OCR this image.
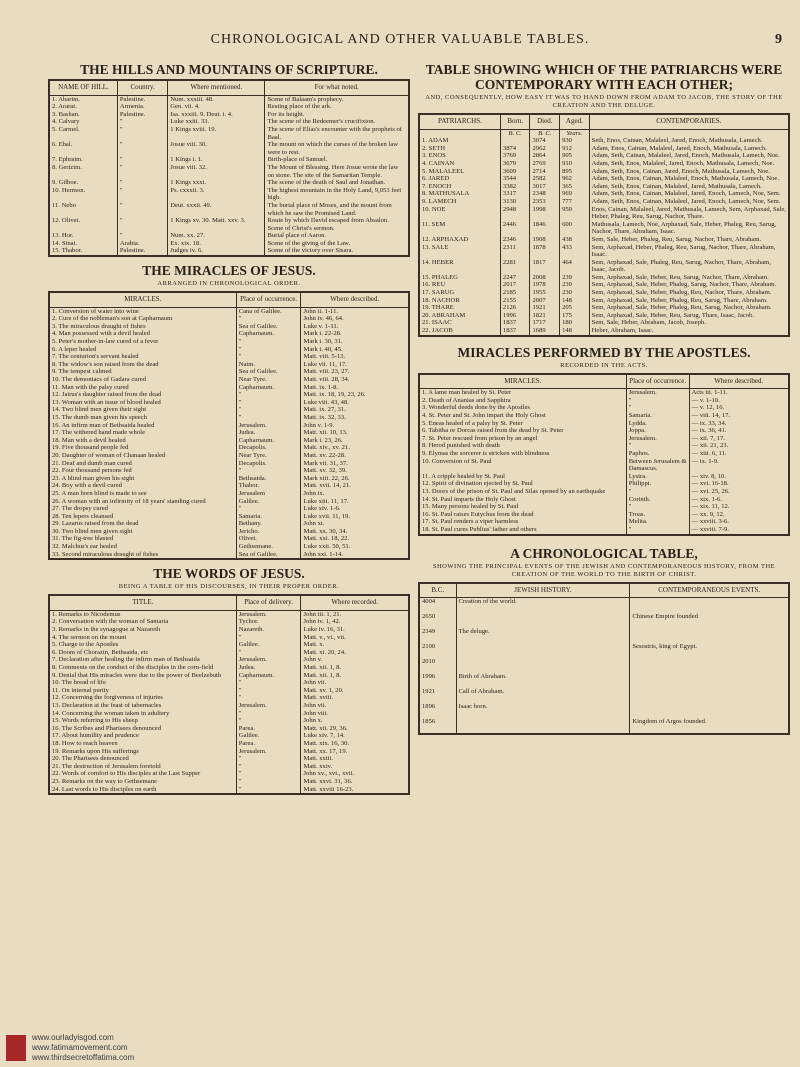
CHRONOLOGICAL AND OTHER VALUABLE TABLES.	9
THE HILLS AND MOUNTAINS OF SCRIPTURE.
NAME OF HILL.	Country.	Where mentioned.	For what noted.
1. Abarim.	Palestine.	Num. xxxiii. 48.	Scene of Balaam's prophecy.
2. Ararat.	Armenia.	Gen. vii. 4.	Resting place of the ark.
3. Bashan.	Palestine.	Isa. xxxiii. 9. Deut. i. 4.	For its height.
4. Calvary	"	Luke xxiii. 33.	The scene of the Redeemer's crucifixion.
5. Carmel.	"	1 Kings xviii. 19.	The scene of Elias's encounter with the prophets of Baal.
6. Ebal.	"	Josue viii. 30.	The mount on which the curses of the broken law were to rest.
7. Ephraim.	"	1 Kings i. 1.	Birth-place of Samuel.
8. Gerizim.	"	Josue viii. 32.	The Mount of Blessing. Here Josue wrote the law on stone. The site of the Samaritan Temple.
9. Gilboe.	"	1 Kings xxxi.	The scene of the death of Saul and Jonathan.
10. Hermon.	"	Ps. cxxxii. 3.	The highest mountain in the Holy Land, 9,053 feet high.
11. Nebo	"	Deut. xxxii. 49.	The burial place of Moses, and the mount from which he saw the Promised Land.
12. Olivet.	"	1 Kings xv. 30. Matt. xxv. 3.	Route by which David escaped from Absalon. Scene of Christ's sermon.
13. Hor.	"	Num. xx. 27.	Burial place of Aaron.
14. Sinai.	Arabia.	Ex. xix. 18.	Scene of the giving of the Law.
15. Thabor.	Palestine.	Judges iv. 6.	Scene of the victory over Sisara.
THE MIRACLES OF JESUS.
ARRANGED IN CHRONOLOGICAL ORDER.
MIRACLES.	Place of occurrence.	Where described.
1. Conversion of water into wine	Cana of Galilee.	John ii. 1-11.
2. Cure of the nobleman's son at Capharnaum	"	John iv. 46, 64.
3. The miraculous draught of fishes	Sea of Galilee.	Luke v. 1-11.
4. Man possessed with a devil healed	Capharnaum.	Mark i. 22-28.
5. Peter's mother-in-law cured of a fever	"	Mark i. 30, 31.
6. A leper healed	"	Mark i. 40, 45.
7. The centurion's servant healed	"	Matt. viii. 5-13.
8. The widow's son raised from the dead	Naim.	Luke vii. 11, 17.
9. The tempest calmed	Sea of Galilee.	Matt. viii. 23, 27.
10. The demoniacs of Gadara cured	Near Tyre.	Matt. viii. 28, 34.
11. Man with the palsy cured	Capharnaum.	Matt. ix. 1-8.
12. Jairus's daughter raised from the dead	"	Matt. ix. 18, 19, 23, 26.
13. Woman with an issue of blood healed	"	Luke viii. 43, 48.
14. Two blind men given their sight	"	Matt. ix. 27, 31.
15. The dumb man given his speech	"	Matt. ix. 32, 33.
16. An infirm man of Bethsaida healed	Jerusalem.	John v. 1-9.
17. The withered hand made whole	Judea.	Matt. xii. 10, 13.
18. Man with a devil healed	Capharnaum.	Mark i. 23, 26.
19. Five thousand people fed	Decapolis.	Matt. xiv., xv. 21.
20. Daughter of woman of Chanaan healed	Near Tyre.	Matt. xv. 22-28.
21. Deaf and dumb man cured	Decapolis.	Mark vii. 31, 37.
22. Four thousand persons fed	"	Matt. xv. 32, 39.
23. A blind man given his sight	Bethsaida.	Mark xiii. 22, 26.
24. Boy with a devil cured	Thabor.	Matt. xvii. 14, 21.
25. A man born blind is made to see	Jerusalem	John ix.
26. A woman with an infirmity of 18 years' standing cured	Galilee.	Luke xiii. 11, 17.
27. The dropsy cured	"	Luke xiv. 1-6.
28. Ten lepers cleansed	Samaria.	Luke xvii. 11, 19.
29. Lazarus raised from the dead	Bethany.	John xi.
30. Two blind men given sight	Jericho.	Matt. xx. 30, 34.
31. The fig-tree blasted	Olivet.	Matt. xxi. 18, 22.
32. Malchus's ear healed	Gethsemane.	Luke xxii. 50, 51.
33. Second miraculous draught of fishes	Sea of Galilee.	John xxi. 1-14.
THE WORDS OF JESUS.
BEING A TABLE OF HIS DISCOURSES, IN THEIR PROPER ORDER.
TITLE.	Place of delivery.	Where recorded.
1. Remarks to Nicodemus	Jerusalem.	John iii. 1, 21.
2. Conversation with the woman of Samaria	Tychor.	John iv. 1, 42.
3. Remarks in the synagogue at Nazareth	Nazareth.	Luke iv. 16, 31.
4. The sermon on the mount	"	Matt. v., vi., vii.
5. Charge to the Apostles	Galilee.	Matt. x.
6. Doom of Chorazin, Bethsaida, etc	"	Matt. xi. 20, 24.
7. Declaration after healing the infirm man of Bethsaida	Jerusalem.	John v.
8. Comments on the conduct of the disciples in the corn-field	Judea.	Matt. xii. 1, 8.
9. Denial that His miracles were due to the power of Beelzebuth	Capharnaum.	Matt. xii. 1, 8.
10. The bread of life	"	John vii.
11. On internal purity	"	Matt. xv. 1, 20.
12. Concerning the forgiveness of injuries	"	Matt. xviii.
13. Declaration at the feast of tabernacles	Jerusalem.	John vii.
14. Concerning the woman taken in adultery	"	John viii.
15. Words referring to His sheep	"	John x.
16. The Scribes and Pharisees denounced	Parea.	Matt. xii. 29, 36.
17. About humility and prudence	Galilee.	Luke xiv. 7, 14.
18. How to reach heaven	Parea.	Matt. xix. 16, 30.
19. Remarks upon His sufferings	Jerusalem.	Matt. xx. 17, 19.
20. The Pharisees denounced	"	Matt. xxiii.
21. The destruction of Jerusalem foretold	"	Matt. xxiv.
22. Words of comfort to His disciples at the Last Supper	"	John xv., xvi., xvii.
23. Remarks on the way to Gethsemane	"	Matt. xxvi. 31, 36.
24. Last words to His disciples on earth	"	Matt. xxviii 16-23.
TABLE SHOWING WHICH OF THE PATRIARCHS WERE CONTEMPORARY WITH EACH OTHER;
AND, CONSEQUENTLY, HOW EASY IT WAS TO HAND DOWN FROM ADAM TO JACOB, THE STORY OF THE CREATION AND THE DELUGE.
PATRIARCHS.	Born.	Died.	Aged.	CONTEMPORARIES.
	B. C.	B. C.	Years.	
1. ADAM		3074	930	Seth, Enos, Cainan, Malaleel, Jared, Enoch, Mathusala, Lamech.
2. SETH	3874	2962	912	Adam, Enos, Cainan, Malaleel, Jared, Enoch, Mathusala, Lamech.
3. ENOS	3769	2864	905	Adam, Seth, Cainan, Malaleel, Jared, Enoch, Mathusala, Lamech, Noe.
4. CAINAN	3679	2769	910	Adam, Seth, Enos, Malaleel, Jared, Enoch, Mathusala, Lamech, Noe.
5. MALALEEL	3609	2714	895	Adam, Seth, Enos, Cainan, Jared, Enoch, Mathusala, Lamech, Noe.
6. JARED	3544	2582	962	Adam, Seth, Enos, Cainan, Malaleel, Enoch, Mathusala, Lamech, Noe.
7. ENOCH	3382	3017	365	Adam, Seth, Enos, Cainan, Malaleel, Jared, Mathusala, Lamech.
8. MATHUSALA	3317	2348	969	Adam, Seth, Enos, Cainan, Malaleel, Jared, Enoch, Lamech, Noe, Sem.
9. LAMECH	3130	2353	777	Adam, Seth, Enos, Cainan, Malaleel, Jared, Enoch, Lamech, Noe, Sem.
10. NOE	2948	1998	950	Enos, Cainan, Malaleel, Jared, Mathusala, Lamech, Sem, Arphaxad, Sale, Heber, Phaleg, Reu, Sarug, Nachor, Thare.
11. SEM	2446	1846	600	Mathusala, Lamech, Noe, Arphaxad, Sale, Heber, Phaleg, Reu, Sarug, Nachor, Thare, Abraham, Isaac.
12. ARPHAXAD	2346	1908	438	Sem, Sale, Heber, Phaleg, Reu, Sarug, Nachor, Thare, Abraham.
13. SALE	2311	1878	433	Sem, Arphaxad, Heber, Phaleg, Reu, Sarug, Nachor, Thare, Abraham, Isaac.
14. HEBER	2281	1817	464	Sem, Arphaxad, Sale, Phaleg, Reu, Sarug, Nachor, Thare, Abraham, Isaac, Jacob.
15. PHALEG	2247	2008	239	Sem, Arphaxad, Sale, Heber, Reu, Sarug, Nachor, Thare, Abraham.
16. REU	2017	1978	239	Sem, Arphaxad, Sale, Heber, Phaleg, Sarug, Nachor, Thare, Abraham.
17. SARUG	2185	1955	230	Sem, Arphaxad, Sale, Heber, Phaleg, Reu, Nachor, Thare, Abraham.
18. NACHOR	2155	2007	148	Sem, Arphaxad, Sale, Heber, Phaleg, Reu, Sarug, Thare, Abraham.
19. THARE	2126	1921	205	Sem, Arphaxad, Sale, Heber, Phaleg, Reu, Sarug, Nachor, Abraham.
20. ABRAHAM	1996	1821	175	Sem, Arphaxad, Sale, Heber, Reu, Sarug, Thare, Isaac, Jacob.
21. ISAAC	1837	1717	180	Sem, Sale, Heber, Abraham, Jacob, Joseph.
22. JACOB	1837	1689	148	Heber, Abraham, Isaac.
MIRACLES PERFORMED BY THE APOSTLES.
RECORDED IN THE ACTS.
MIRACLES.	Place of occurrence.	Where described.
1. A lame man healed by St. Peter	Jerusalem.	Acts iii. 1-11.
2. Death of Ananias and Sapphira	"	— v. 1-10.
3. Wonderful deeds done by the Apostles	"	— v. 12, 16.
4. St. Peter and St. John impart the Holy Ghost	Samaria.	— viii. 14, 17.
5. Eneas healed of a palsy by St. Peter	Lydda.	— ix. 33, 34.
6. Tabitha or Dorcas raised from the dead by St. Peter	Joppa.	— ix. 36, 41.
7. St. Peter rescued from prison by an angel	Jerusalem.	— xii. 7, 17.
8. Herod punished with death	"	— xii. 21, 23.
9. Elymas the sorcerer is stricken with blindness	Paphos.	— xiii. 6, 11.
10. Conversion of St. Paul	Between Jerusalem & Damascus.	— ix. 1-9.
11. A cripple healed by St. Paul	Lystra.	— xiv. 8, 10.
12. Spirit of divination ejected by St. Paul	Philippi.	— xvi. 16-18.
13. Doors of the prison of St. Paul and Silas opened by an earthquake	"	— xvi. 25, 26.
14. St. Paul imparts the Holy Ghost	Corinth.	— xix. 1-6.
15. Many persons healed by St. Paul	"	— xix. 11, 12.
16. St. Paul raises Eutychus from the dead	Troas.	— xx. 9, 12.
17. St. Paul renders a viper harmless	Melita.	— xxviii. 3-6.
18. St. Paul cures Publius' father and others	"	— xxviii. 7-9.
A CHRONOLOGICAL TABLE,
SHOWING THE PRINCIPAL EVENTS OF THE JEWISH AND CONTEMPORANEOUS HISTORY, FROM THE CREATION OF THE WORLD TO THE BIRTH OF CHRIST.
B.C.	JEWISH HISTORY.	CONTEMPORANEOUS EVENTS.
4004	Creation of the world.	
2650		Chinese Empire founded
2349	The deluge.	
2100		Sesostris, king of Egypt.
2010		
1996	Birth of Abraham.	
1921	Call of Abraham.	
1896	Isaac born.	
1856		Kingdom of Argos founded.
www.ourladyisgod.com
www.fatimamovement.com
www.thirdsecretoffatima.com
